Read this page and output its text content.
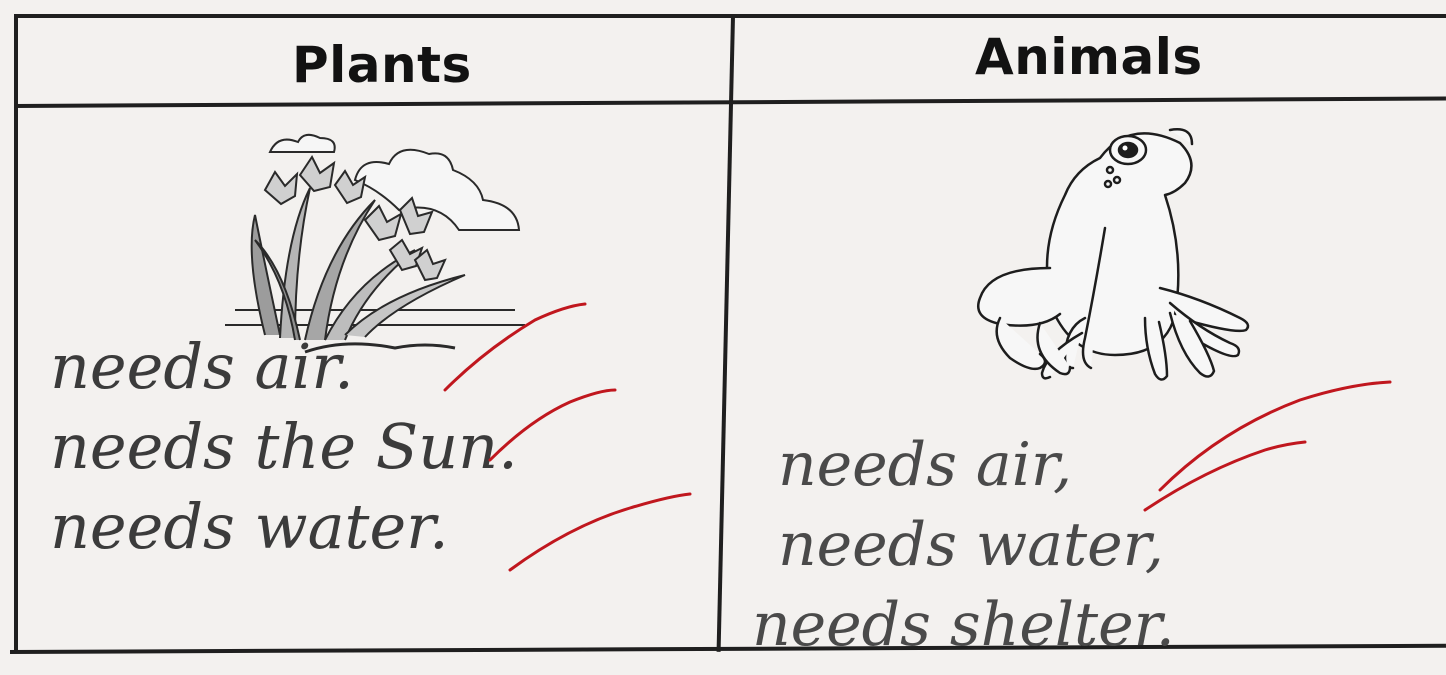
Plants	Animals
needs air.
needs the Sun.
needs water.
needs air,
needs water,
needs shelter.
